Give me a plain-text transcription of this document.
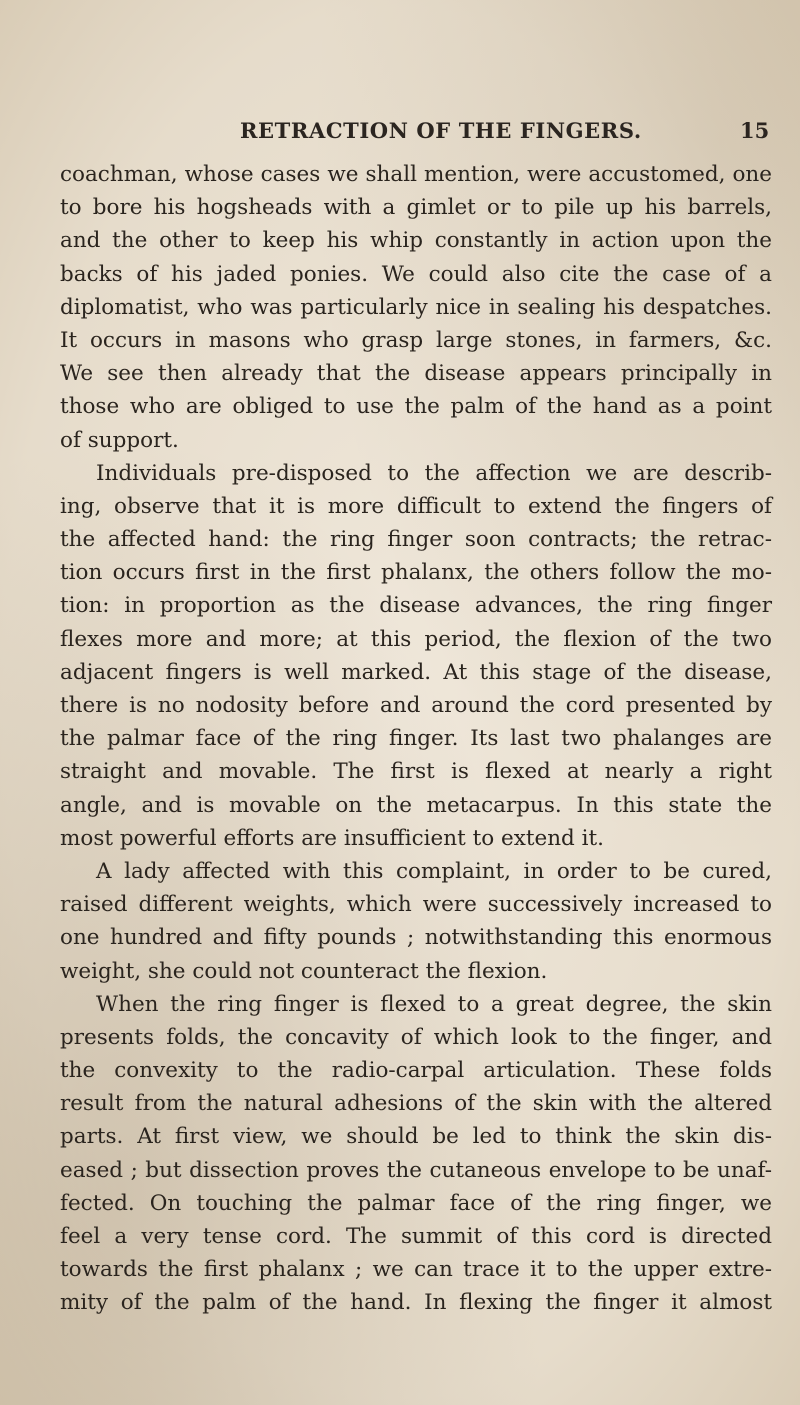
RETRACTION OF THE FINGERS.	15
coachman, whose cases we shall mention, were accustomed, one
to bore his hogsheads with a gimlet or to pile up his barrels,
and the other to keep his whip constantly in action upon the
backs of his jaded ponies. We could also cite the case of a
diplomatist, who was particularly nice in sealing his despatches.
It occurs in masons who grasp large stones, in farmers, &c.
We see then already that the disease appears principally in
those who are obliged to use the palm of the hand as a point
of support.
Individuals pre-disposed to the affection we are describ-
ing, observe that it is more difficult to extend the fingers of
the affected hand: the ring finger soon contracts; the retrac-
tion occurs first in the first phalanx, the others follow the mo-
tion: in proportion as the disease advances, the ring finger
flexes more and more; at this period, the flexion of the two
adjacent fingers is well marked. At this stage of the disease,
there is no nodosity before and around the cord presented by
the palmar face of the ring finger. Its last two phalanges are
straight and movable. The first is flexed at nearly a right
angle, and is movable on the metacarpus. In this state the
most powerful efforts are insufficient to extend it.
A lady affected with this complaint, in order to be cured,
raised different weights, which were successively increased to
one hundred and fifty pounds ; notwithstanding this enormous
weight, she could not counteract the flexion.
When the ring finger is flexed to a great degree, the skin
presents folds, the concavity of which look to the finger, and
the convexity to the radio-carpal articulation. These folds
result from the natural adhesions of the skin with the altered
parts. At first view, we should be led to think the skin dis-
eased ; but dissection proves the cutaneous envelope to be unaf-
fected. On touching the palmar face of the ring finger, we
feel a very tense cord. The summit of this cord is directed
towards the first phalanx ; we can trace it to the upper extre-
mity of the palm of the hand. In flexing the finger it almost
